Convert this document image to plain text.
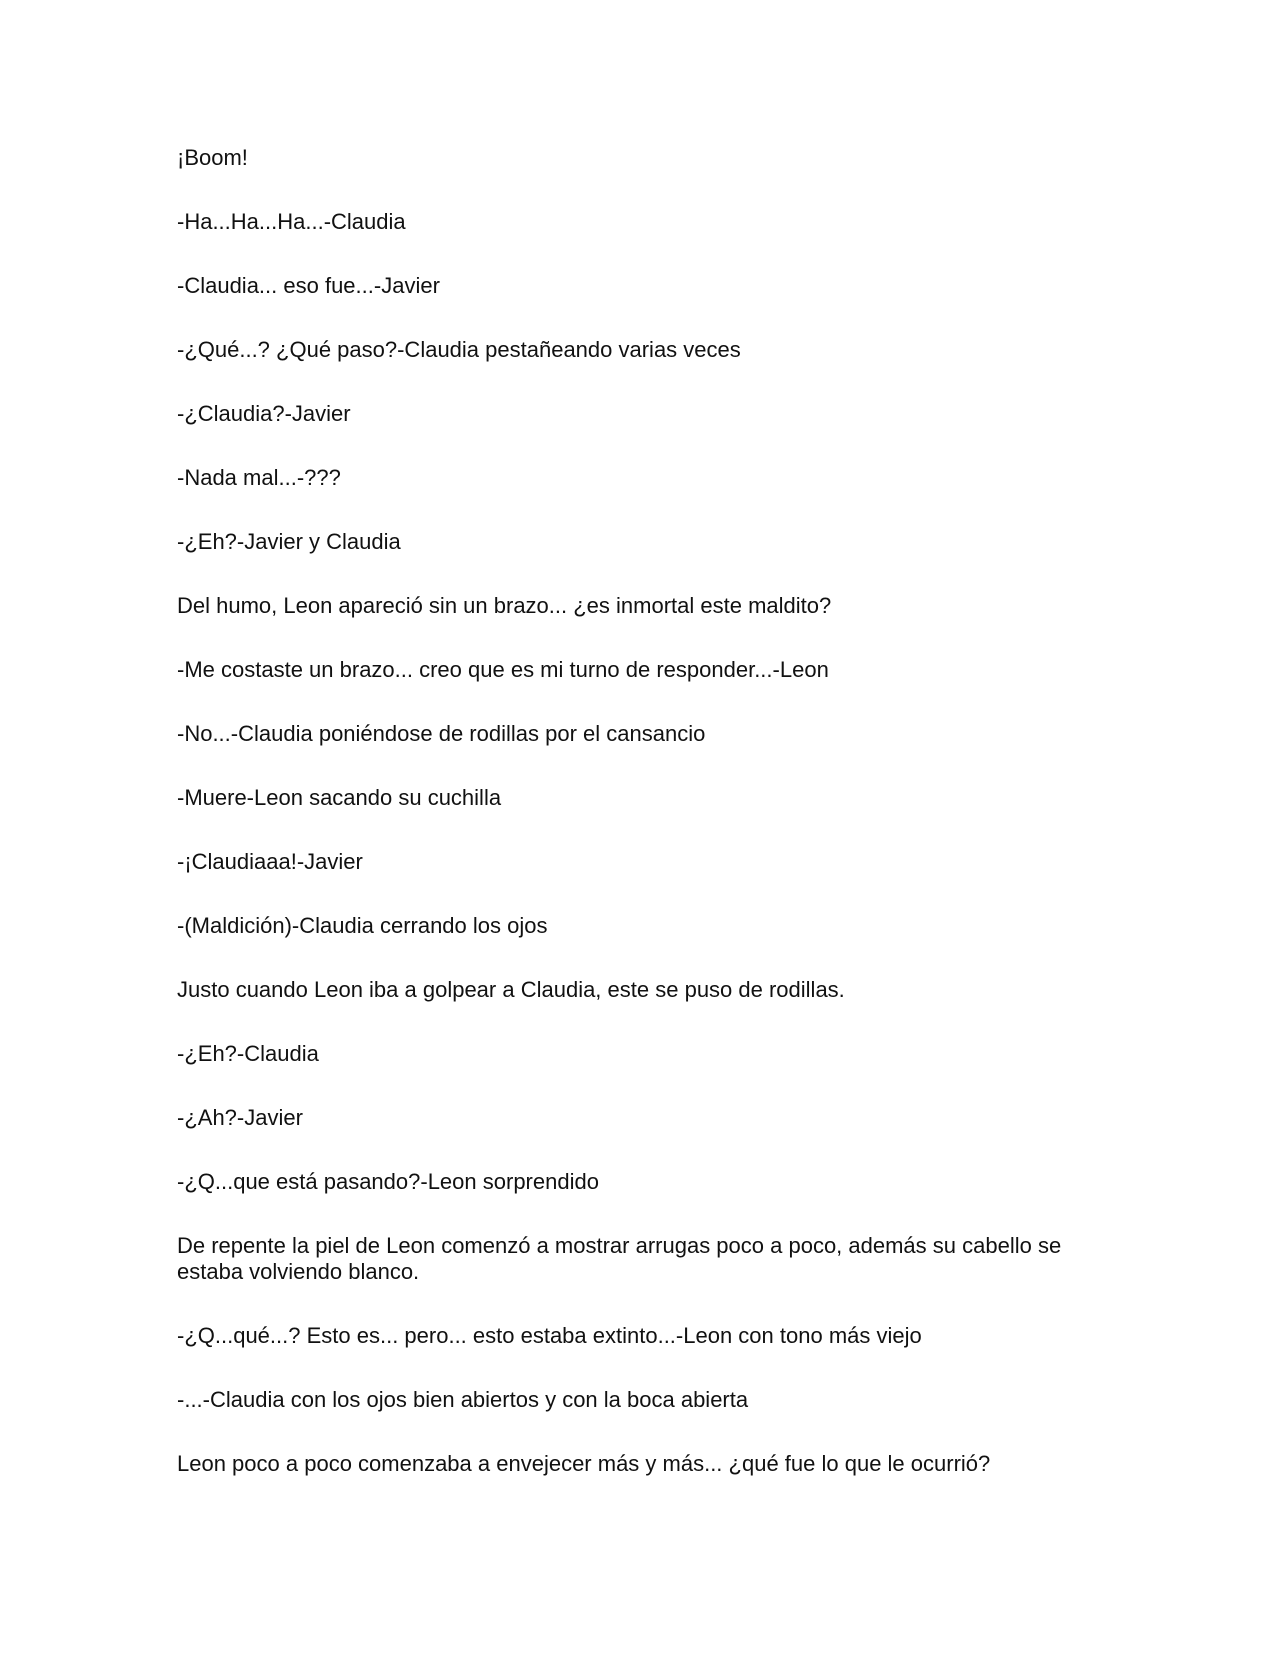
¡Boom!

-Ha...Ha...Ha...-Claudia

-Claudia... eso fue...-Javier

-¿Qué...? ¿Qué paso?-Claudia pestañeando varias veces

-¿Claudia?-Javier

-Nada mal...-???

-¿Eh?-Javier y Claudia

Del humo, Leon apareció sin un brazo... ¿es inmortal este maldito?

-Me costaste un brazo... creo que es mi turno de responder...-Leon

-No...-Claudia poniéndose de rodillas por el cansancio

-Muere-Leon sacando su cuchilla

-¡Claudiaaa!-Javier

-(Maldición)-Claudia cerrando los ojos

Justo cuando Leon iba a golpear a Claudia, este se puso de rodillas.

-¿Eh?-Claudia

-¿Ah?-Javier

-¿Q...que está pasando?-Leon sorprendido

De repente la piel de Leon comenzó a mostrar arrugas poco a poco, además su cabello se estaba volviendo blanco.

-¿Q...qué...? Esto es... pero... esto estaba extinto...-Leon con tono más viejo

-...-Claudia con los ojos bien abiertos y con la boca abierta

Leon poco a poco comenzaba a envejecer más y más... ¿qué fue lo que le ocurrió?
